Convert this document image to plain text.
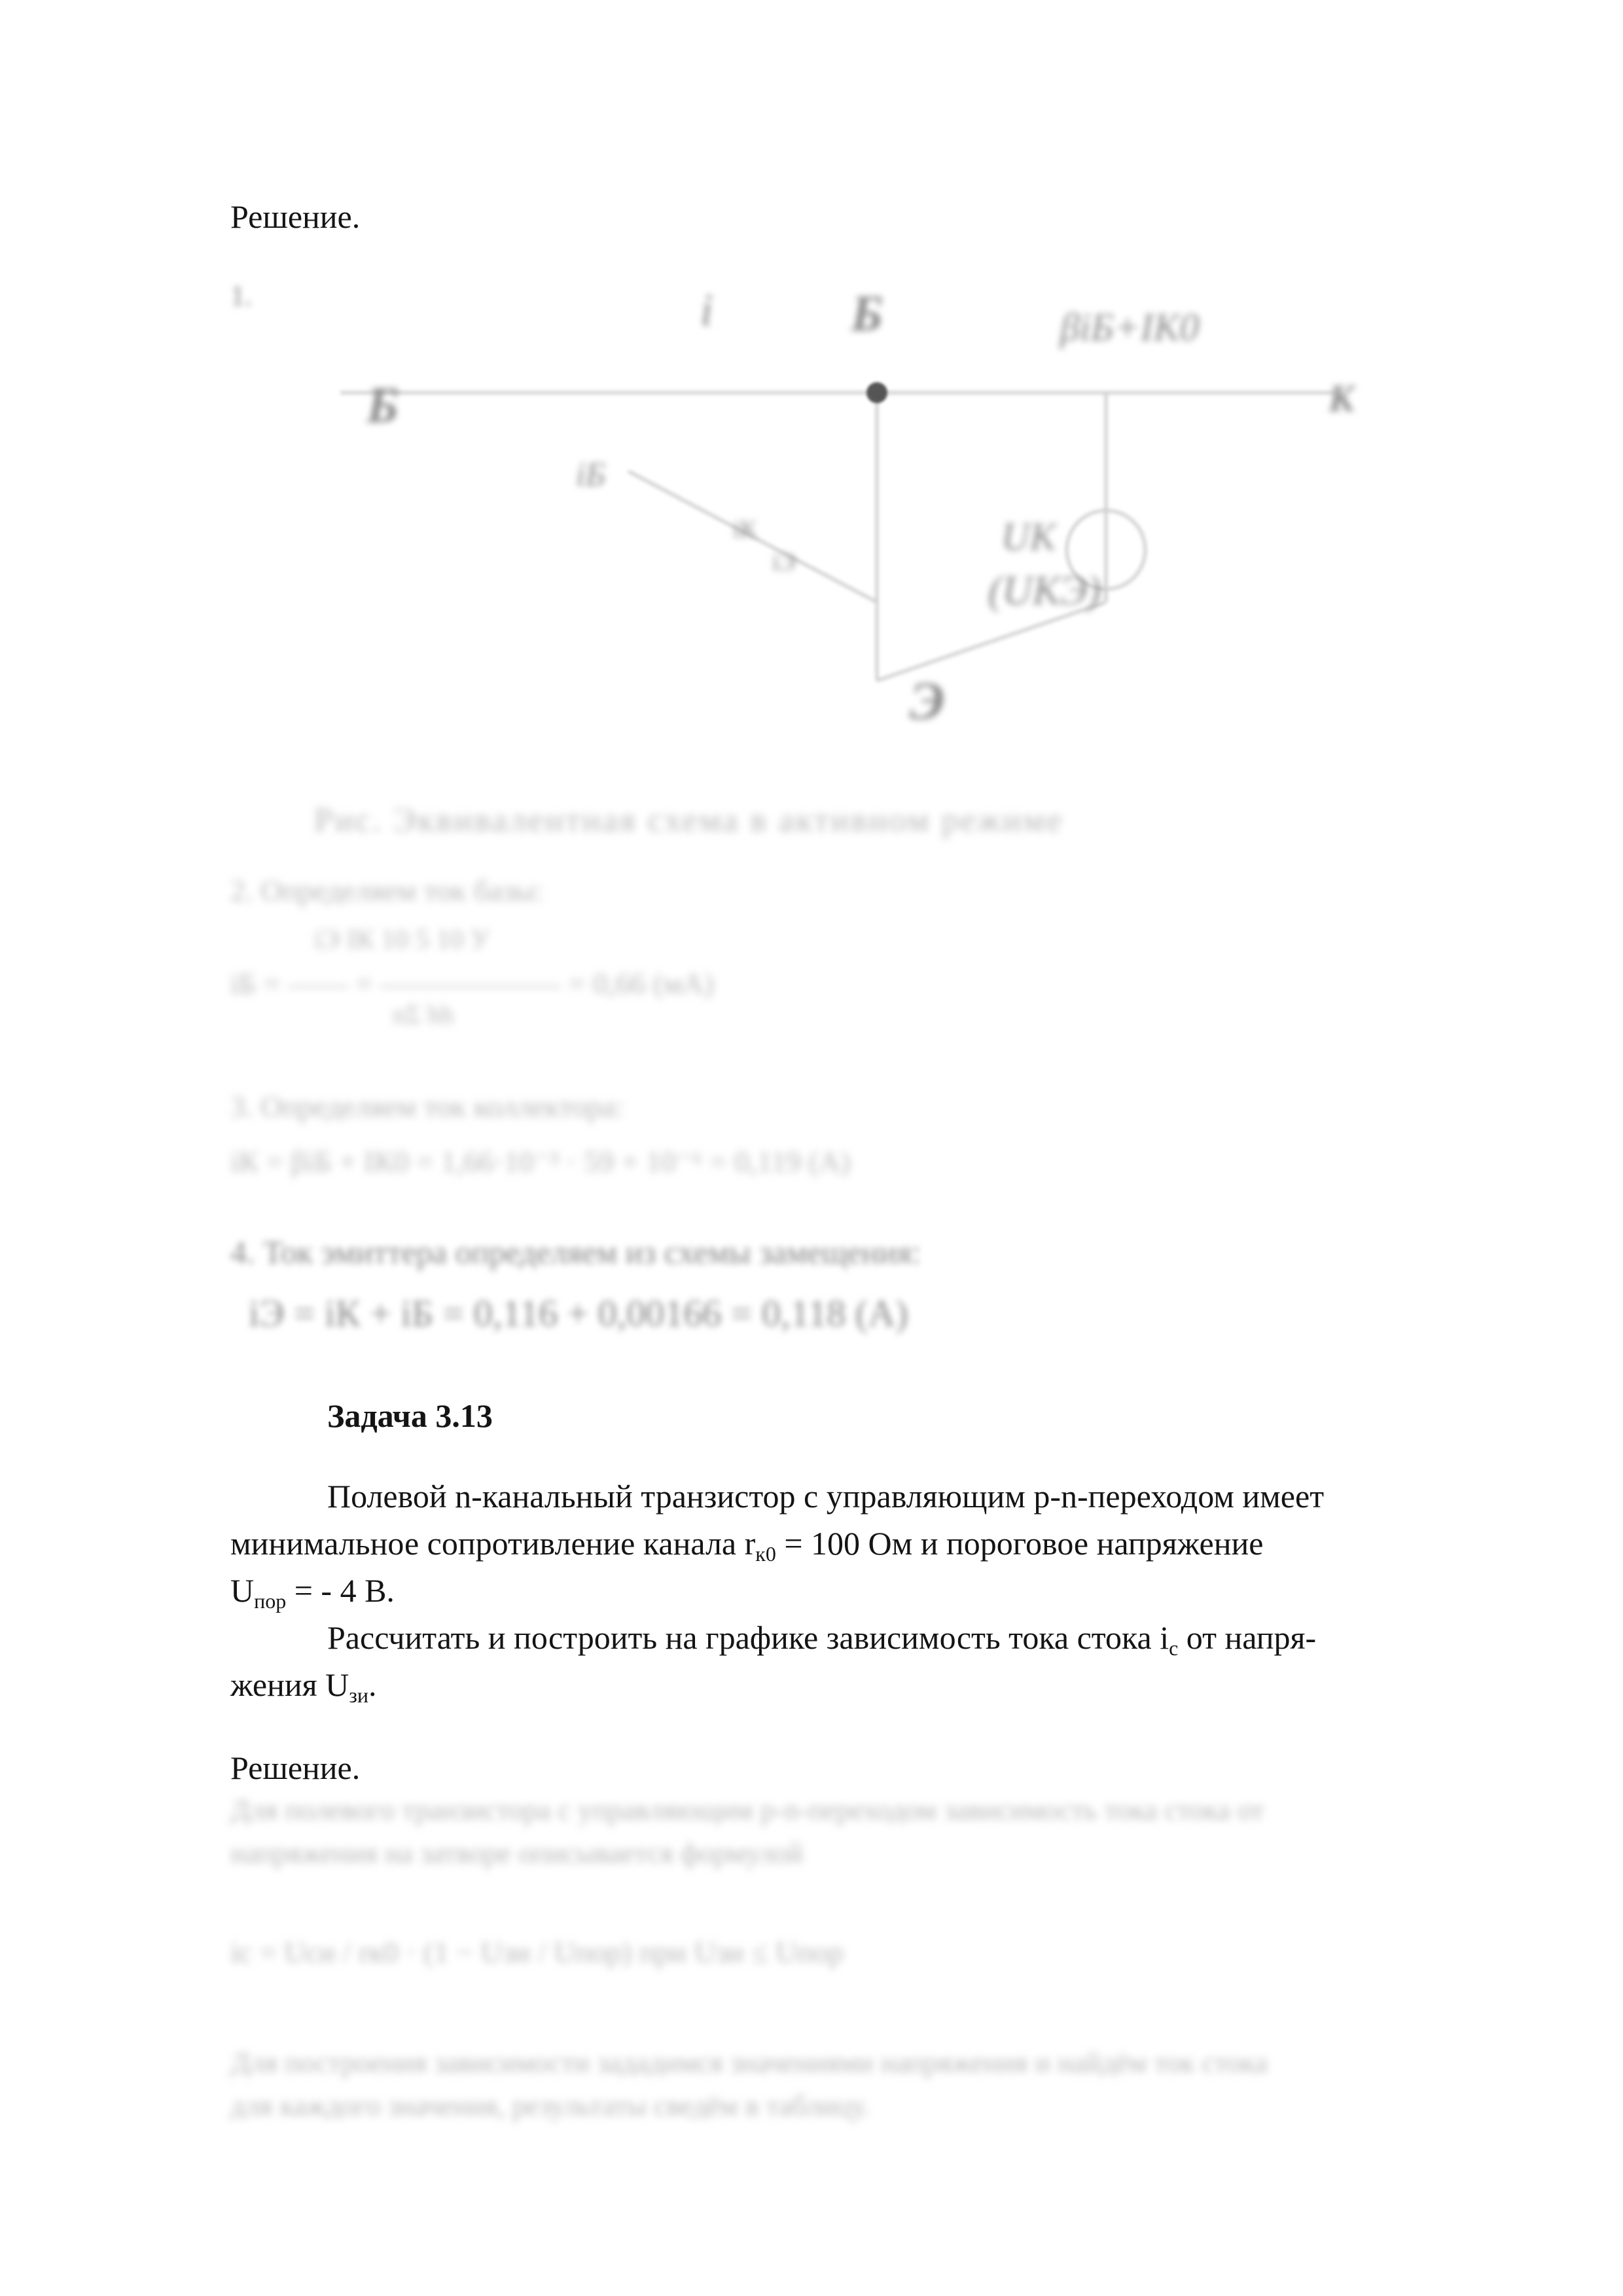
Решение.
1.	i	Б	βiБ+IК0
Б	К
iБ
iК
iЭ
UК
(UКЭ)
Э
Рис. Эквивалентная схема в активном режиме
2. Определяем ток базы:
iЭ IК 10 5 10 У
iБ = —— = —————— = 0,66 (мА)
nΣ hh
3. Определяем ток коллектора:
iК = βiБ + IК0 = 1,66·10⁻³ · 59 + 10⁻⁶ = 0,119 (А)
4. Ток эмиттера определяем из схемы замещения:
iЭ = iК + iБ = 0,116 + 0,00166 = 0,118 (А)
Задача 3.13
Полевой n-канальный транзистор с управляющим p-n-переходом имеет
минимальное сопротивление канала $r_{к0} = 100$ Ом и пороговое напряжение
$U_{пор}$ = - 4 В.
Рассчитать и построить на графике зависимость тока стока $i_с$ от напря-
жения $U_{зи}$.
Решение.
Для полевого транзистора с управляющим p-n-переходом зависимость тока стока от
напряжения на затворе описывается формулой
iс = Uси / rк0 · (1 − Uзи / Uпор) при Uзи ≤ Uпор
Для построения зависимости зададимся значениями напряжения и найдём ток стока
для каждого значения, результаты сведём в таблицу.
